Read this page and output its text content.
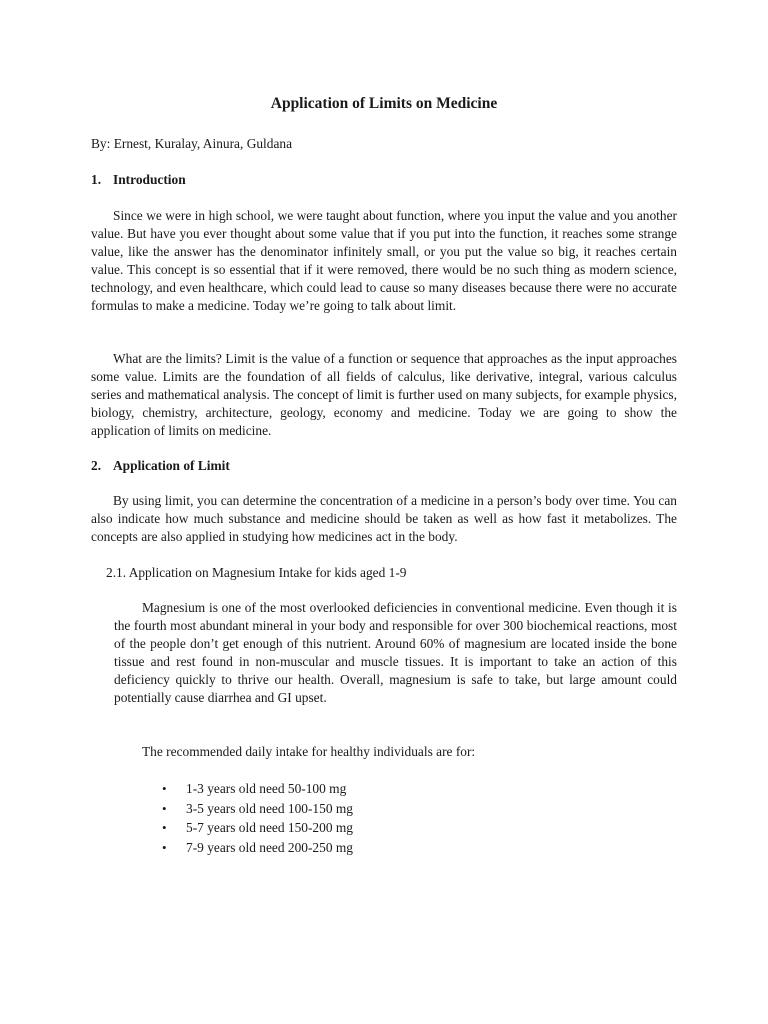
Application of Limits on Medicine
By: Ernest, Kuralay, Ainura, Guldana
1. Introduction
Since we were in high school, we were taught about function, where you input the value and you another value. But have you ever thought about some value that if you put into the function, it reaches some strange value, like the answer has the denominator infinitely small, or you put the value so big, it reaches certain value. This concept is so essential that if it were removed, there would be no such thing as modern science, technology, and even healthcare, which could lead to cause so many diseases because there were no accurate formulas to make a medicine. Today we’re going to talk about limit.
What are the limits? Limit is the value of a function or sequence that approaches as the input approaches some value. Limits are the foundation of all fields of calculus, like derivative, integral, various calculus series and mathematical analysis. The concept of limit is further used on many subjects, for example physics, biology, chemistry, architecture, geology, economy and medicine. Today we are going to show the application of limits on medicine.
2. Application of Limit
By using limit, you can determine the concentration of a medicine in a person’s body over time. You can also indicate how much substance and medicine should be taken as well as how fast it metabolizes. The concepts are also applied in studying how medicines act in the body.
2.1. Application on Magnesium Intake for kids aged 1-9
Magnesium is one of the most overlooked deficiencies in conventional medicine. Even though it is the fourth most abundant mineral in your body and responsible for over 300 biochemical reactions, most of the people don’t get enough of this nutrient. Around 60% of magnesium are located inside the bone tissue and rest found in non-muscular and muscle tissues. It is important to take an action of this deficiency quickly to thrive our health. Overall, magnesium is safe to take, but large amount could potentially cause diarrhea and GI upset.
The recommended daily intake for healthy individuals are for:
• 1-3 years old need 50-100 mg
• 3-5 years old need 100-150 mg
• 5-7 years old need 150-200 mg
• 7-9 years old need 200-250 mg
